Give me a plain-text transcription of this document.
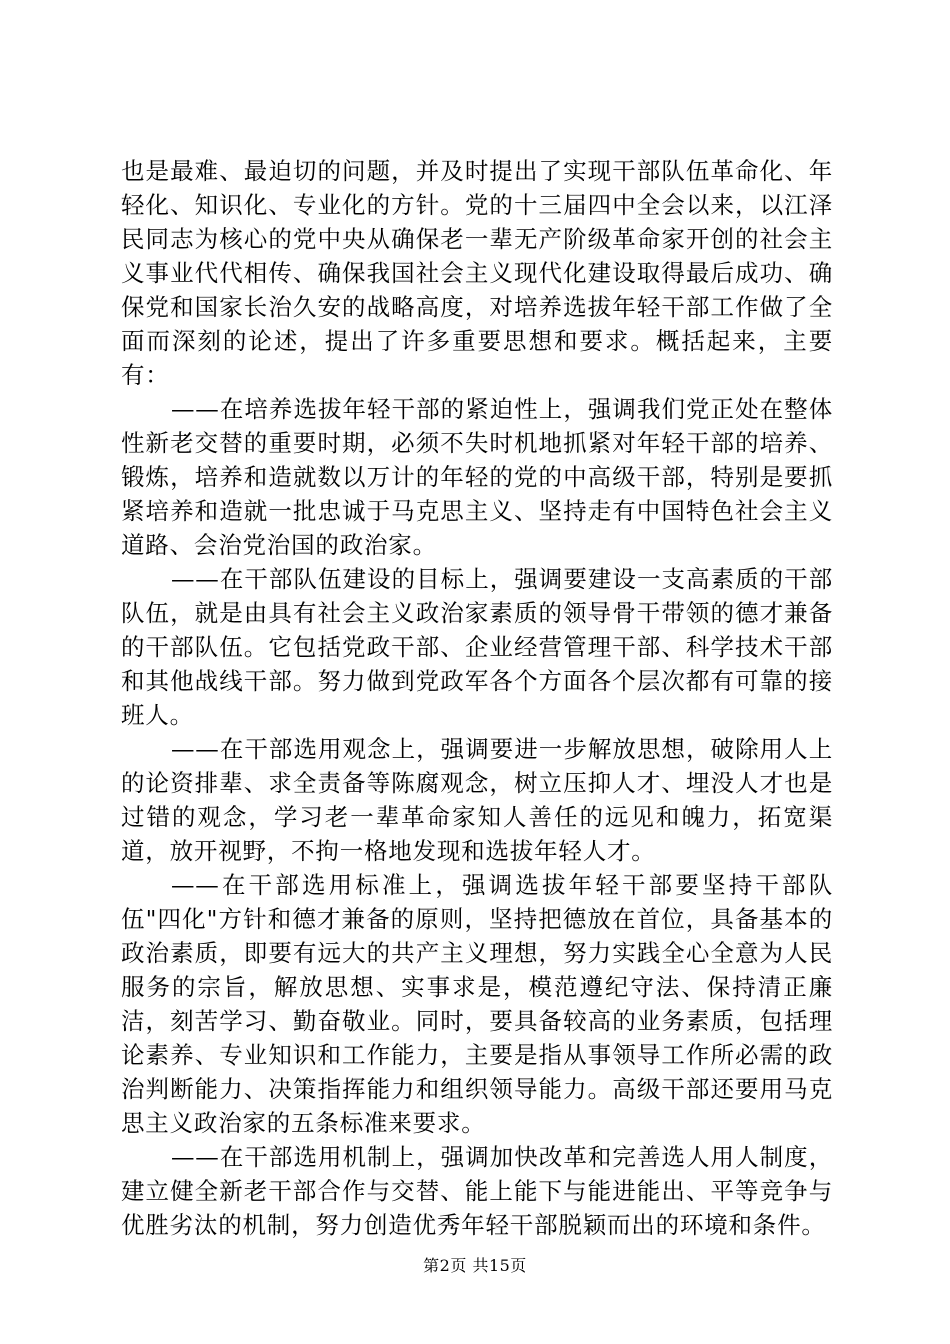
也是最难、最迫切的问题，并及时提出了实现干部队伍革命化、年轻化、知识化、专业化的方针。党的十三届四中全会以来，以江泽民同志为核心的党中央从确保老一辈无产阶级革命家开创的社会主义事业代代相传、确保我国社会主义现代化建设取得最后成功、确保党和国家长治久安的战略高度，对培养选拔年轻干部工作做了全面而深刻的论述，提出了许多重要思想和要求。概括起来，主要有：

——在培养选拔年轻干部的紧迫性上，强调我们党正处在整体性新老交替的重要时期，必须不失时机地抓紧对年轻干部的培养、锻炼，培养和造就数以万计的年轻的党的中高级干部，特别是要抓紧培养和造就一批忠诚于马克思主义、坚持走有中国特色社会主义道路、会治党治国的政治家。

——在干部队伍建设的目标上，强调要建设一支高素质的干部队伍，就是由具有社会主义政治家素质的领导骨干带领的德才兼备的干部队伍。它包括党政干部、企业经营管理干部、科学技术干部和其他战线干部。努力做到党政军各个方面各个层次都有可靠的接班人。

——在干部选用观念上，强调要进一步解放思想，破除用人上的论资排辈、求全责备等陈腐观念，树立压抑人才、埋没人才也是过错的观念，学习老一辈革命家知人善任的远见和魄力，拓宽渠道，放开视野，不拘一格地发现和选拔年轻人才。

——在干部选用标准上，强调选拔年轻干部要坚持干部队伍"四化"方针和德才兼备的原则，坚持把德放在首位，具备基本的政治素质，即要有远大的共产主义理想，努力实践全心全意为人民服务的宗旨，解放思想、实事求是，模范遵纪守法、保持清正廉洁，刻苦学习、勤奋敬业。同时，要具备较高的业务素质，包括理论素养、专业知识和工作能力，主要是指从事领导工作所必需的政治判断能力、决策指挥能力和组织领导能力。高级干部还要用马克思主义政治家的五条标准来要求。

——在干部选用机制上，强调加快改革和完善选人用人制度，建立健全新老干部合作与交替、能上能下与能进能出、平等竞争与优胜劣汰的机制，努力创造优秀年轻干部脱颖而出的环境和条件。

第2页 共15页
